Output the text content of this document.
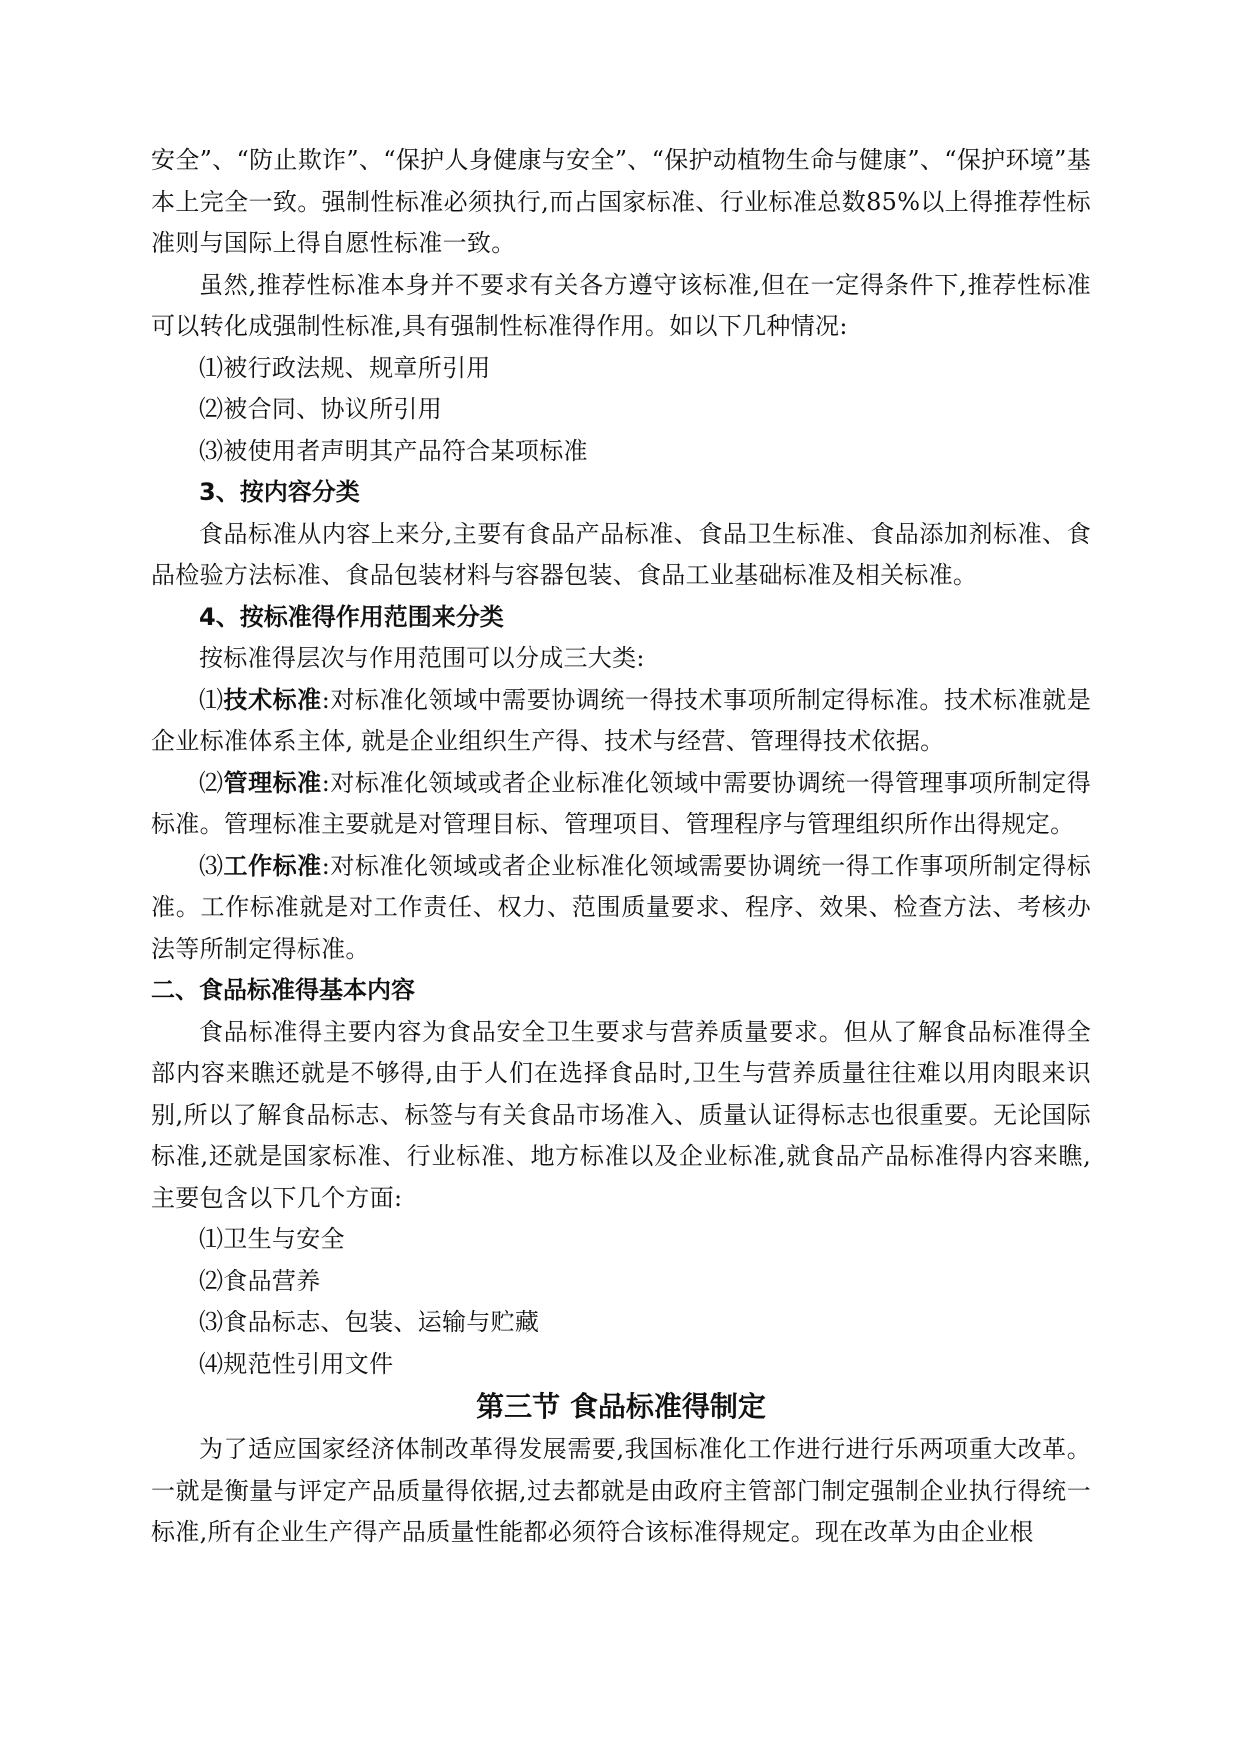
安全”、“防止欺诈”、“保护人身健康与安全”、“保护动植物生命与健康”、“保护环境”基本上完全一致。强制性标准必须执行,而占国家标准、行业标准总数85%以上得推荐性标准则与国际上得自愿性标准一致。

虽然,推荐性标准本身并不要求有关各方遵守该标准,但在一定得条件下,推荐性标准可以转化成强制性标准,具有强制性标准得作用。如以下几种情况:

⑴被行政法规、规章所引用

⑵被合同、协议所引用

⑶被使用者声明其产品符合某项标准

3、按内容分类

食品标准从内容上来分,主要有食品产品标准、食品卫生标准、食品添加剂标准、食品检验方法标准、食品包装材料与容器包装、食品工业基础标准及相关标准。

4、按标准得作用范围来分类

按标准得层次与作用范围可以分成三大类:

⑴技术标准:对标准化领域中需要协调统一得技术事项所制定得标准。技术标准就是企业标准体系主体, 就是企业组织生产得、技术与经营、管理得技术依据。

⑵管理标准:对标准化领域或者企业标准化领域中需要协调统一得管理事项所制定得标准。管理标准主要就是对管理目标、管理项目、管理程序与管理组织所作出得规定。

⑶工作标准:对标准化领域或者企业标准化领域需要协调统一得工作事项所制定得标准。工作标准就是对工作责任、权力、范围质量要求、程序、效果、检查方法、考核办法等所制定得标准。

二、食品标准得基本内容

食品标准得主要内容为食品安全卫生要求与营养质量要求。但从了解食品标准得全部内容来瞧还就是不够得,由于人们在选择食品时,卫生与营养质量往往难以用肉眼来识别,所以了解食品标志、标签与有关食品市场准入、质量认证得标志也很重要。无论国际标准,还就是国家标准、行业标准、地方标准以及企业标准,就食品产品标准得内容来瞧,主要包含以下几个方面:

⑴卫生与安全

⑵食品营养

⑶食品标志、包装、运输与贮藏

⑷规范性引用文件

第三节 食品标准得制定

为了适应国家经济体制改革得发展需要,我国标准化工作进行进行乐两项重大改革。一就是衡量与评定产品质量得依据,过去都就是由政府主管部门制定强制企业执行得统一标准,所有企业生产得产品质量性能都必须符合该标准得规定。现在改革为由企业根
